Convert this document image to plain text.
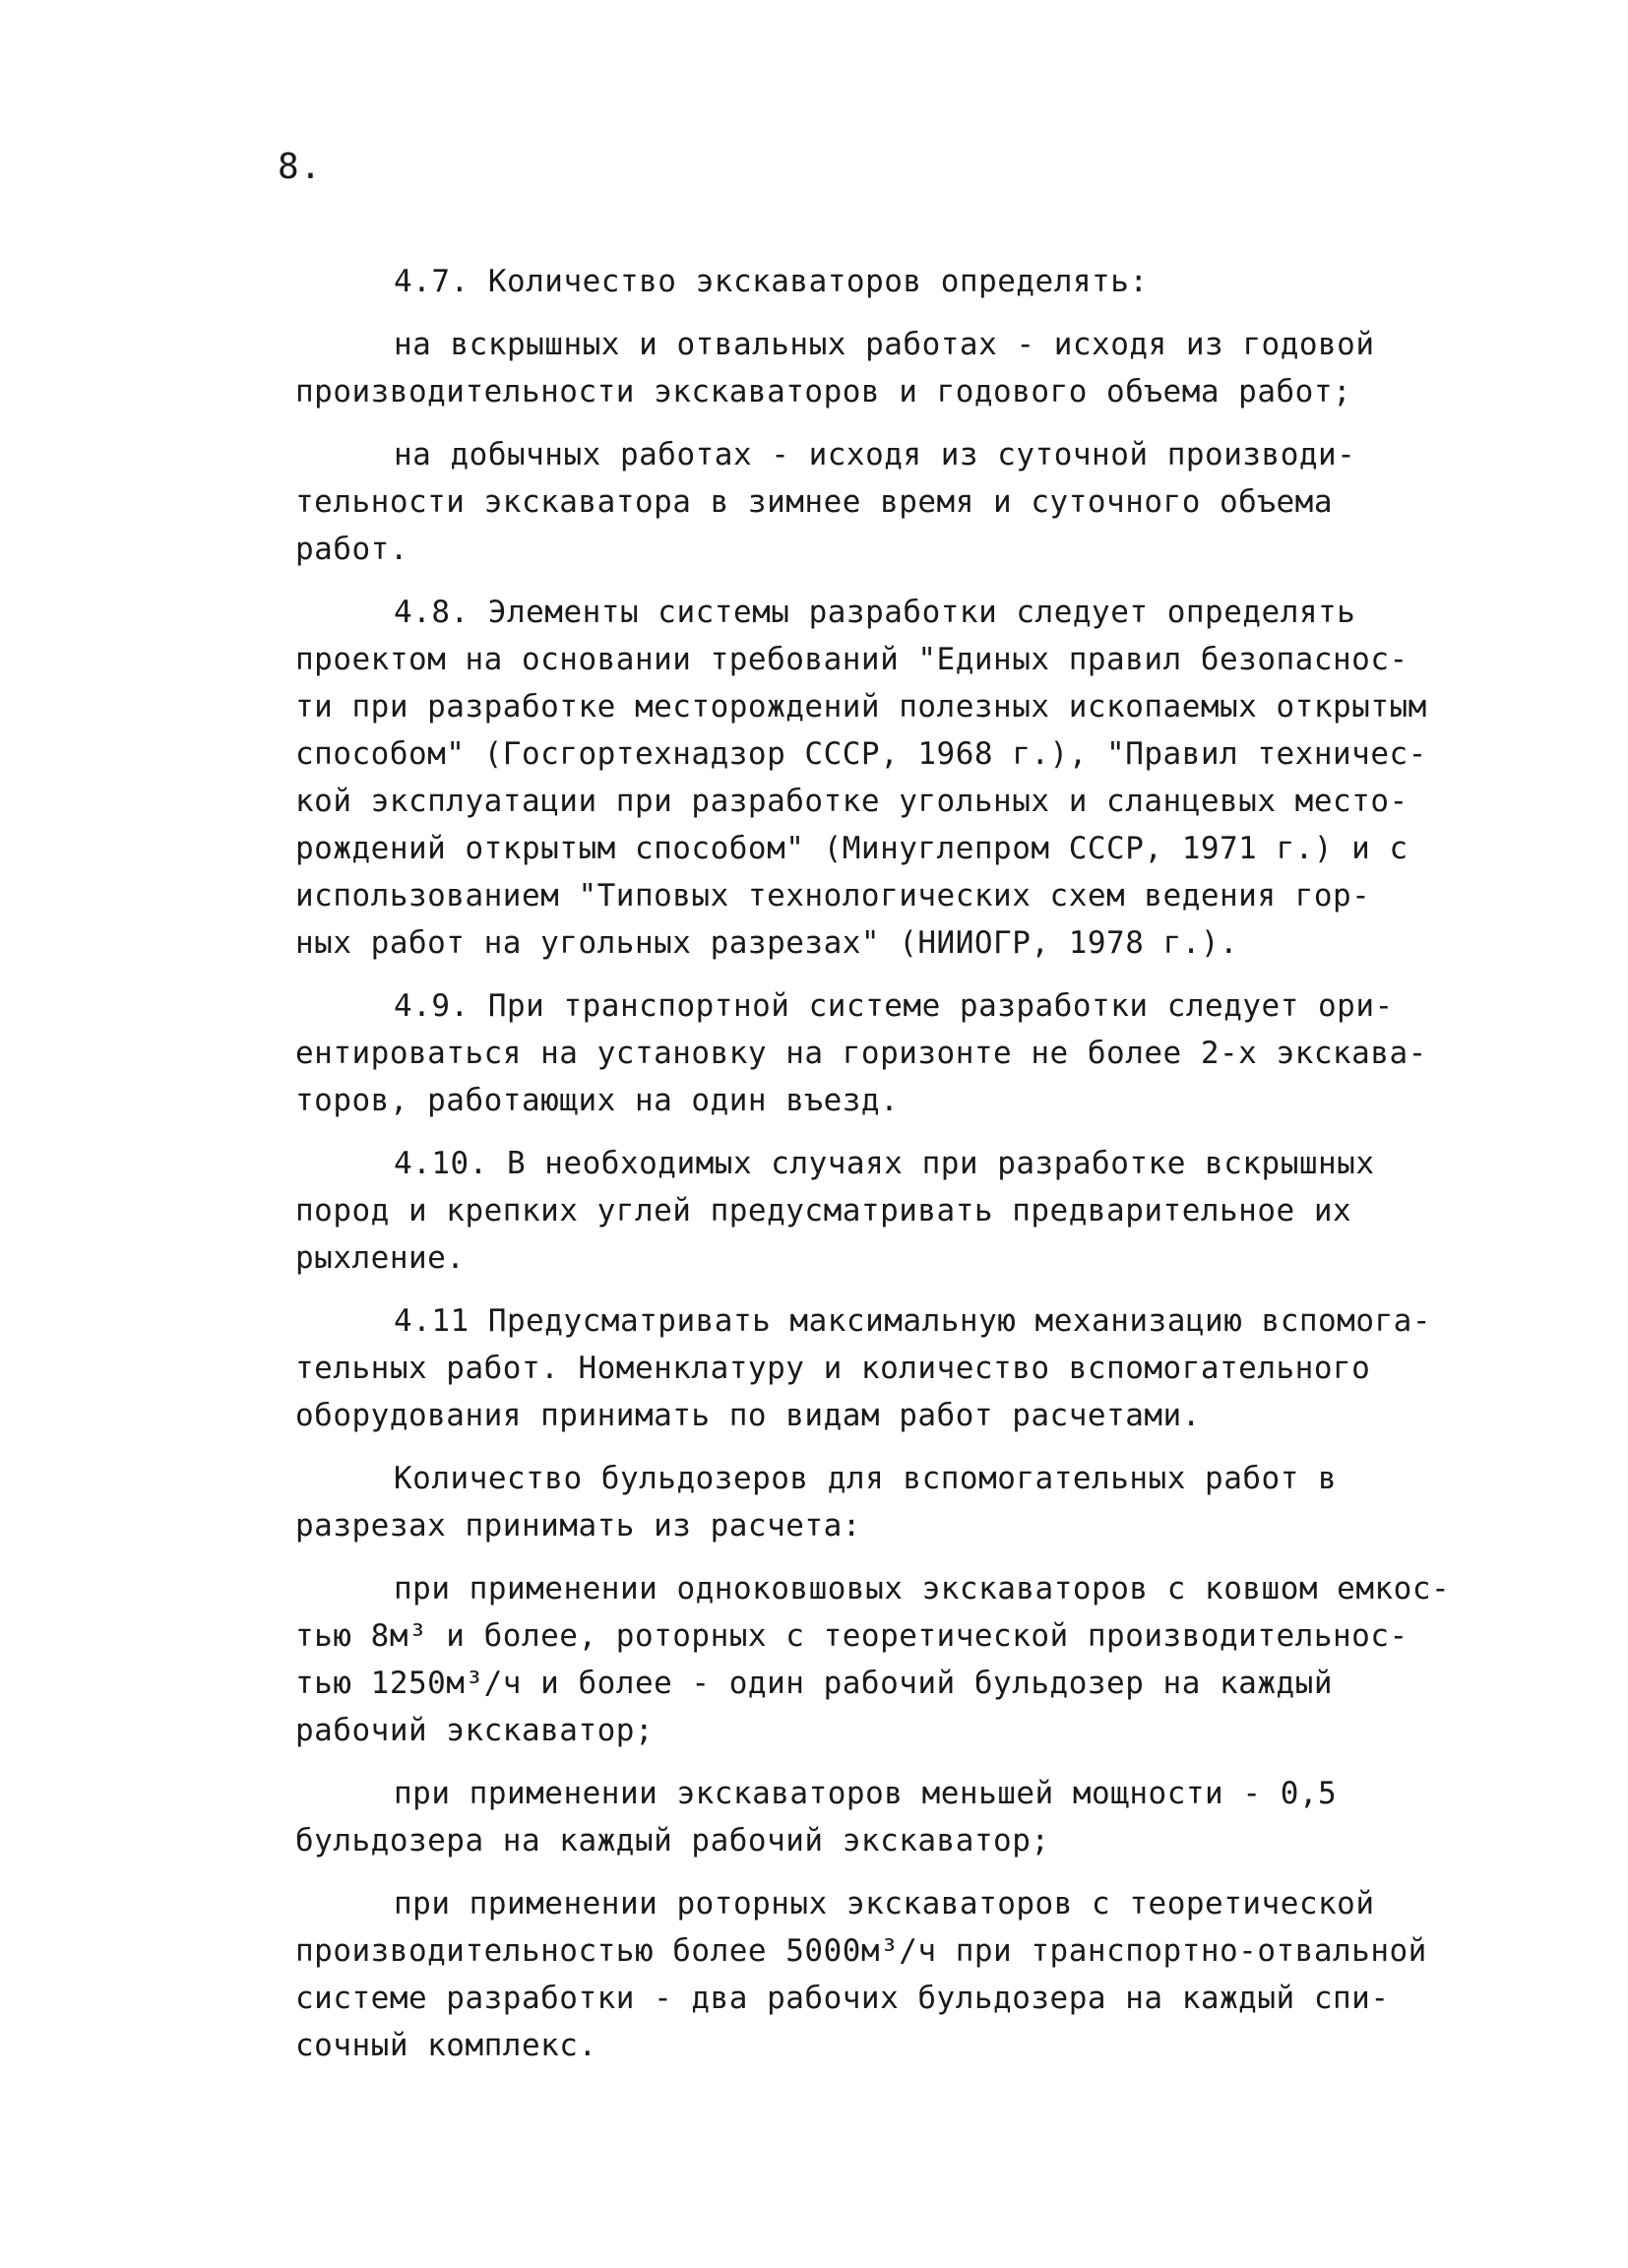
8.
4.7. Количество экскаваторов определять:
на вскрышных и отвальных работах - исходя из годовой
производительности экскаваторов и годового объема работ;
на добычных работах - исходя из суточной производи-
тельности экскаватора в зимнее время и суточного объема
работ.
4.8. Элементы системы разработки следует определять
проектом на основании требований "Единых правил безопаснос-
ти при разработке месторождений полезных ископаемых открытым
способом" (Госгортехнадзор СССР, 1968 г.), "Правил техничес-
кой эксплуатации при разработке угольных и сланцевых место-
рождений открытым способом" (Минуглепром СССР, 1971 г.) и с
использованием "Типовых технологических схем ведения гор-
ных работ на угольных разрезах" (НИИОГР, 1978 г.).
4.9. При транспортной системе разработки следует ори-
ентироваться на установку на горизонте не более 2-х экскава-
торов, работающих на один въезд.
4.10. В необходимых случаях при разработке вскрышных
пород и крепких углей предусматривать предварительное их
рыхление.
4.11 Предусматривать максимальную механизацию вспомога-
тельных работ. Номенклатуру и количество вспомогательного
оборудования принимать по видам работ расчетами.
Количество бульдозеров для вспомогательных работ в
разрезах принимать из расчета:
при применении одноковшовых экскаваторов с ковшом емкос-
тью 8м³ и более, роторных с теоретической производительнос-
тью 1250м³/ч и более - один рабочий бульдозер на каждый
рабочий экскаватор;
при применении экскаваторов меньшей мощности - 0,5
бульдозера на каждый рабочий экскаватор;
при применении роторных экскаваторов с теоретической
производительностью более 5000м³/ч при транспортно-отвальной
системе разработки - два рабочих бульдозера на каждый спи-
сочный комплекс.
